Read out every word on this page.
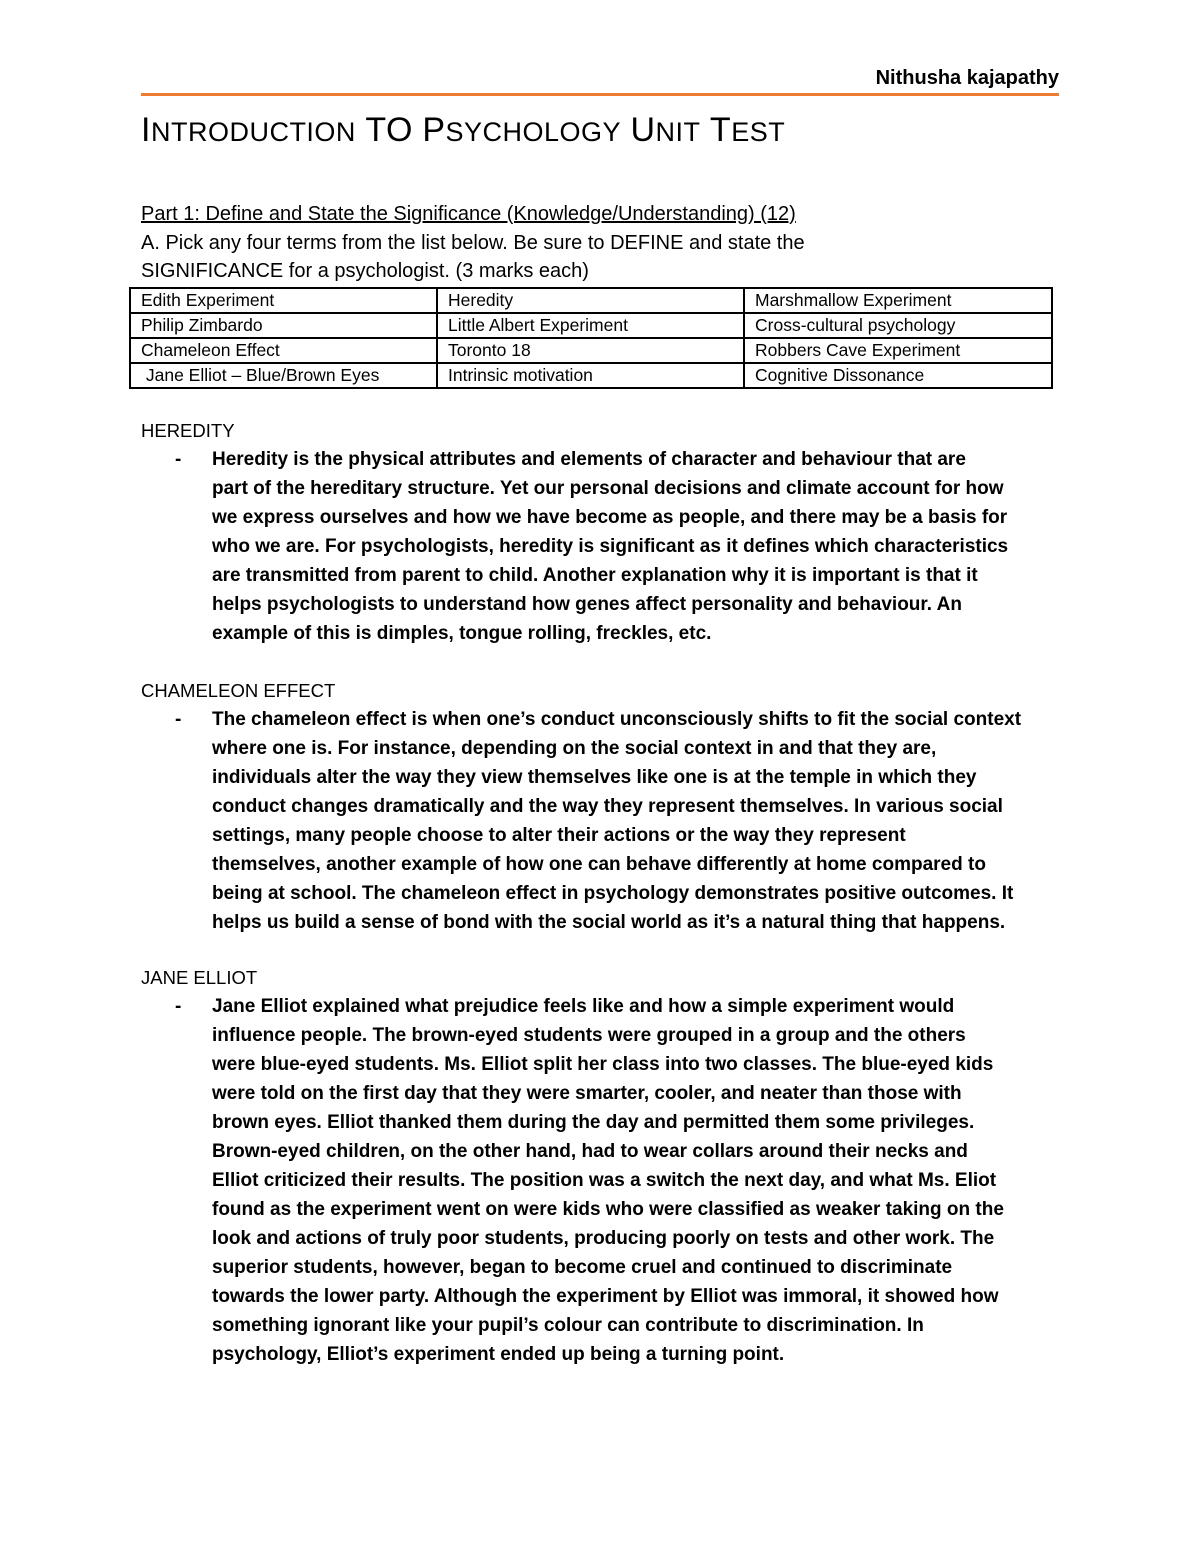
Nithusha kajapathy
INTRODUCTION TO PSYCHOLOGY UNIT TEST
Part 1: Define and State the Significance (Knowledge/Understanding) (12)
A. Pick any four terms from the list below. Be sure to DEFINE and state the
SIGNIFICANCE for a psychologist. (3 marks each)
Edith Experiment	Heredity	Marshmallow Experiment
Philip Zimbardo	Little Albert Experiment	Cross-cultural psychology
Chameleon Effect	Toronto 18	Robbers Cave Experiment
Jane Elliot – Blue/Brown Eyes	Intrinsic motivation	Cognitive Dissonance
HEREDITY
- Heredity is the physical attributes and elements of character and behaviour that are
part of the hereditary structure. Yet our personal decisions and climate account for how
we express ourselves and how we have become as people, and there may be a basis for
who we are. For psychologists, heredity is significant as it defines which characteristics
are transmitted from parent to child. Another explanation why it is important is that it
helps psychologists to understand how genes affect personality and behaviour. An
example of this is dimples, tongue rolling, freckles, etc.
CHAMELEON EFFECT
- The chameleon effect is when one’s conduct unconsciously shifts to fit the social context
where one is. For instance, depending on the social context in and that they are,
individuals alter the way they view themselves like one is at the temple in which they
conduct changes dramatically and the way they represent themselves. In various social
settings, many people choose to alter their actions or the way they represent
themselves, another example of how one can behave differently at home compared to
being at school. The chameleon effect in psychology demonstrates positive outcomes. It
helps us build a sense of bond with the social world as it’s a natural thing that happens.
JANE ELLIOT
- Jane Elliot explained what prejudice feels like and how a simple experiment would
influence people. The brown-eyed students were grouped in a group and the others
were blue-eyed students. Ms. Elliot split her class into two classes. The blue-eyed kids
were told on the first day that they were smarter, cooler, and neater than those with
brown eyes. Elliot thanked them during the day and permitted them some privileges.
Brown-eyed children, on the other hand, had to wear collars around their necks and
Elliot criticized their results. The position was a switch the next day, and what Ms. Eliot
found as the experiment went on were kids who were classified as weaker taking on the
look and actions of truly poor students, producing poorly on tests and other work. The
superior students, however, began to become cruel and continued to discriminate
towards the lower party. Although the experiment by Elliot was immoral, it showed how
something ignorant like your pupil’s colour can contribute to discrimination. In
psychology, Elliot’s experiment ended up being a turning point.
